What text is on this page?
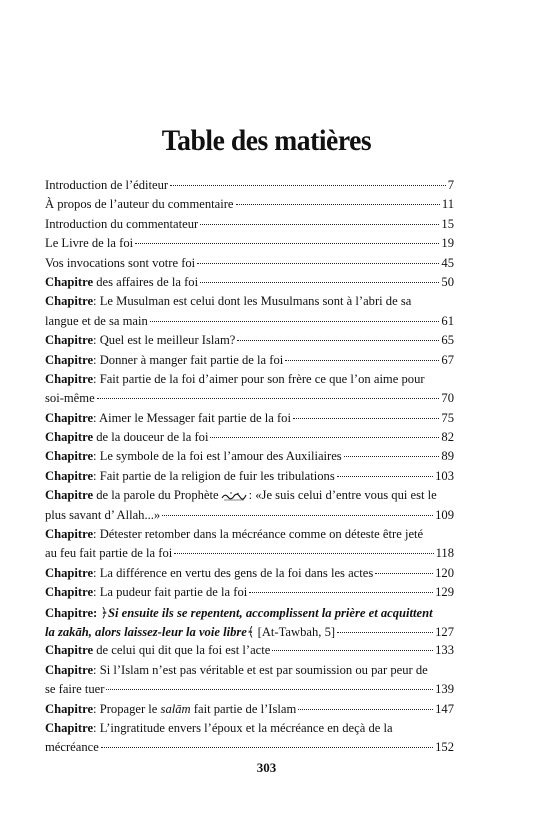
Table des matières
Introduction de l’éditeur	7
À propos de l’auteur du commentaire	11
Introduction du commentateur	15
Le Livre de la foi	19
Vos invocations sont votre foi	45
Chapitre des affaires de la foi	50
Chapitre: Le Musulman est celui dont les Musulmans sont à l’abri de sa
langue et de sa main	61
Chapitre: Quel est le meilleur Islam?	65
Chapitre: Donner à manger fait partie de la foi	67
Chapitre: Fait partie de la foi d’aimer pour son frère ce que l’on aime pour
soi-même	70
Chapitre: Aimer le Messager fait partie de la foi	75
Chapitre de la douceur de la foi	82
Chapitre: Le symbole de la foi est l’amour des Auxiliaires	89
Chapitre: Fait partie de la religion de fuir les tribulations	103
Chapitre de la parole du Prophète : «Je suis celui d’entre vous qui est le
plus savant d’ Allah...»	109
Chapitre: Détester retomber dans la mécréance comme on déteste être jeté
au feu fait partie de la foi	118
Chapitre: La différence en vertu des gens de la foi dans les actes	120
Chapitre: La pudeur fait partie de la foi	129
Chapitre: ﴿Si ensuite ils se repentent, accomplissent la prière et acquittent
la zakāh, alors laissez-leur la voie libre﴾ [At-Tawbah, 5]	127
Chapitre de celui qui dit que la foi est l’acte	133
Chapitre: Si l’Islam n’est pas véritable et est par soumission ou par peur de
se faire tuer	139
Chapitre: Propager le salām fait partie de l’Islam	147
Chapitre: L’ingratitude envers l’époux et la mécréance en deçà de la
mécréance	152
303
